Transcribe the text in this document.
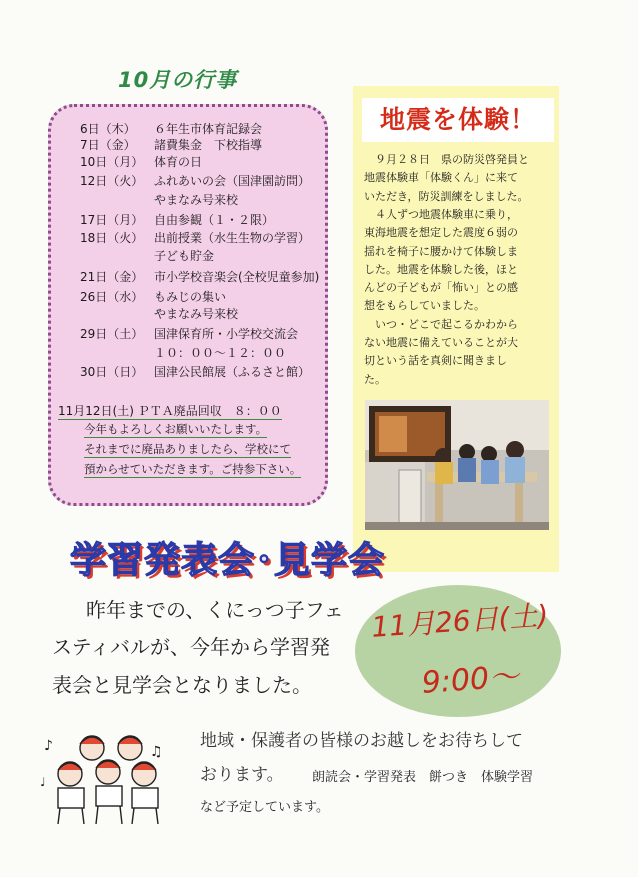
10月の行事
6日（木） ６年生市体育記録会
7日（金） 諸費集金　下校指導
10日（月） 体育の日
12日（火） ふれあいの会（国津園訪問）
やまなみ号来校
17日（月） 自由参観（１・２限）
18日（火） 出前授業（水生生物の学習）
子ども貯金
21日（金） 市小学校音楽会(全校児童参加)
26日（水） もみじの集い
やまなみ号来校
29日（土） 国津保育所・小学校交流会
１０：００～１２：００
30日（日） 国津公民館展（ふるさと館）
11月12日(土) ＰＴＡ廃品回収　８：００
今年もよろしくお願いいたします。
それまでに廃品ありましたら、学校にて
預からせていただきます。ご持参下さい。
地震を体験！
　９月２８日　県の防災啓発員と
地震体験車「体験くん」に来て
いただき，防災訓練をしました。
　４人ずつ地震体験車に乗り，
東海地震を想定した震度６弱の
揺れを椅子に腰かけて体験しま
した。地震を体験した後，ほと
んどの子どもが「怖い」との感
想をもらしていました。
　いつ・どこで起こるかわから
ない地震に備えていることが大
切という話を真剣に聞きまし
た。
学習発表会･見学会
昨年までの、くにっつ子フェ
スティバルが、今年から学習発
表会と見学会となりました。
11月26日(土)
9:00～
♪	♫
♩
地域・保護者の皆様のお越しをお待ちして
おります。 朗読会・学習発表　餅つき　体験学習
など予定しています。
